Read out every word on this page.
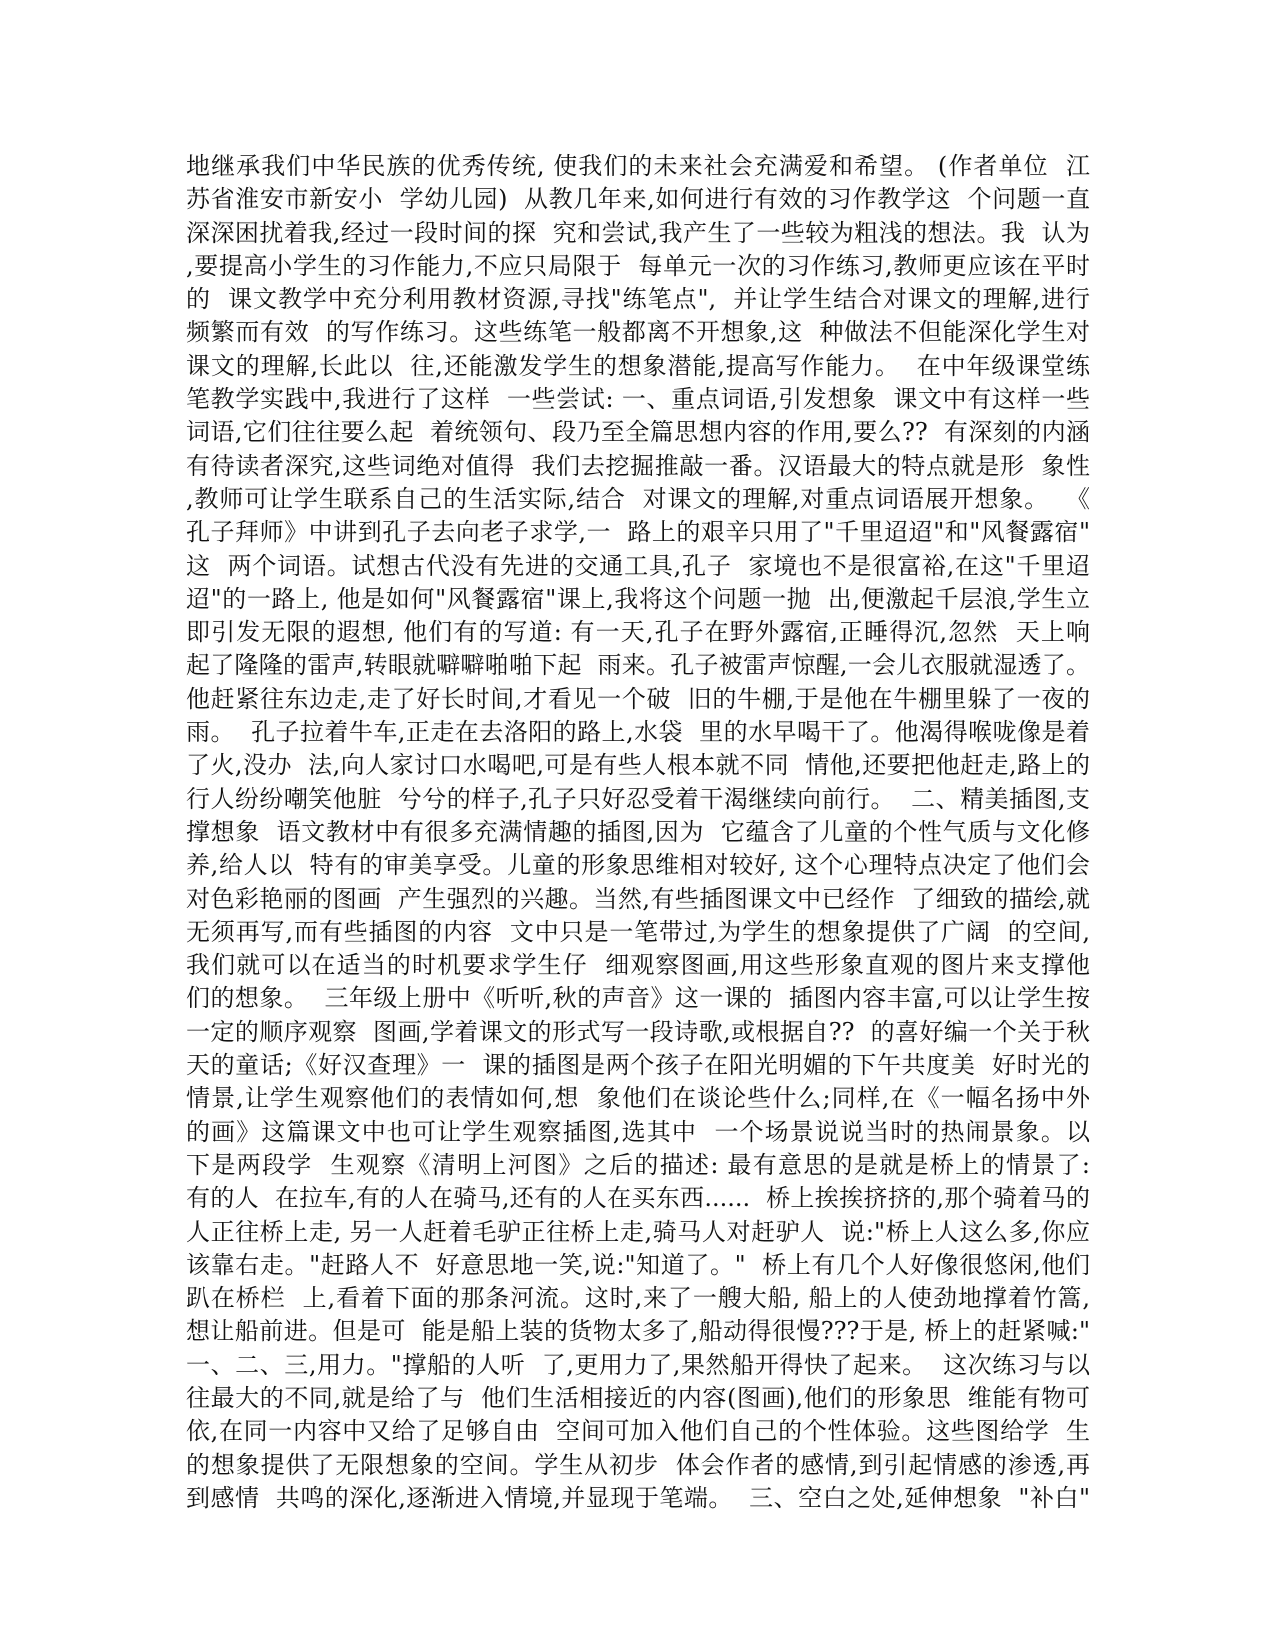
地继承我们中华民族的优秀传统, 使我们的未来社会充满爱和希望。 (作者单位  江
苏省淮安市新安小  学幼儿园)  从教几年来,如何进行有效的习作教学这  个问题一直
深深困扰着我,经过一段时间的探  究和尝试,我产生了一些较为粗浅的想法。我  认为
,要提高小学生的习作能力,不应只局限于  每单元一次的习作练习,教师更应该在平时
的  课文教学中充分利用教材资源,寻找"练笔点",  并让学生结合对课文的理解,进行
频繁而有效  的写作练习。这些练笔一般都离不开想象,这  种做法不但能深化学生对
课文的理解,长此以  往,还能激发学生的想象潜能,提高写作能力。  在中年级课堂练
笔教学实践中,我进行了这样  一些尝试: 一、重点词语,引发想象  课文中有这样一些
词语,它们往往要么起  着统领句、段乃至全篇思想内容的作用,要么??  有深刻的内涵
有待读者深究,这些词绝对值得  我们去挖掘推敲一番。汉语最大的特点就是形  象性
,教师可让学生联系自己的生活实际,结合  对课文的理解,对重点词语展开想象。  《
孔子拜师》中讲到孔子去向老子求学,一  路上的艰辛只用了"千里迢迢"和"风餐露宿"
这  两个词语。试想古代没有先进的交通工具,孔子  家境也不是很富裕,在这"千里迢
迢"的一路上, 他是如何"风餐露宿"课上,我将这个问题一抛  出,便激起千层浪,学生立
即引发无限的遐想, 他们有的写道: 有一天,孔子在野外露宿,正睡得沉,忽然  天上响
起了隆隆的雷声,转眼就噼噼啪啪下起  雨来。孔子被雷声惊醒,一会儿衣服就湿透了。
他赶紧往东边走,走了好长时间,才看见一个破  旧的牛棚,于是他在牛棚里躲了一夜的
雨。  孔子拉着牛车,正走在去洛阳的路上,水袋  里的水早喝干了。他渴得喉咙像是着
了火,没办  法,向人家讨口水喝吧,可是有些人根本就不同  情他,还要把他赶走,路上的
行人纷纷嘲笑他脏  兮兮的样子,孔子只好忍受着干渴继续向前行。  二、精美插图,支
撑想象  语文教材中有很多充满情趣的插图,因为  它蕴含了儿童的个性气质与文化修
养,给人以  特有的审美享受。儿童的形象思维相对较好, 这个心理特点决定了他们会
对色彩艳丽的图画  产生强烈的兴趣。当然,有些插图课文中已经作  了细致的描绘,就
无须再写,而有些插图的内容  文中只是一笔带过,为学生的想象提供了广阔  的空间,
我们就可以在适当的时机要求学生仔  细观察图画,用这些形象直观的图片来支撑他
们的想象。  三年级上册中《听听,秋的声音》这一课的  插图内容丰富,可以让学生按
一定的顺序观察  图画,学着课文的形式写一段诗歌,或根据自??  的喜好编一个关于秋
天的童话;《好汉查理》一  课的插图是两个孩子在阳光明媚的下午共度美  好时光的
情景,让学生观察他们的表情如何,想  象他们在谈论些什么;同样,在《一幅名扬中外
的画》这篇课文中也可让学生观察插图,选其中  一个场景说说当时的热闹景象。以
下是两段学  生观察《清明上河图》之后的描述: 最有意思的是就是桥上的情景了:
有的人  在拉车,有的人在骑马,还有的人在买东西......  桥上挨挨挤挤的,那个骑着马的
人正往桥上走, 另一人赶着毛驴正往桥上走,骑马人对赶驴人  说:"桥上人这么多,你应
该靠右走。"赶路人不  好意思地一笑,说:"知道了。"  桥上有几个人好像很悠闲,他们
趴在桥栏  上,看着下面的那条河流。这时,来了一艘大船, 船上的人使劲地撑着竹篙,
想让船前进。但是可  能是船上装的货物太多了,船动得很慢???于是, 桥上的赶紧喊:"
一、二、三,用力。"撑船的人听  了,更用力了,果然船开得快了起来。  这次练习与以
往最大的不同,就是给了与  他们生活相接近的内容(图画),他们的形象思  维能有物可
依,在同一内容中又给了足够自由  空间可加入他们自己的个性体验。这些图给学  生
的想象提供了无限想象的空间。学生从初步  体会作者的感情,到引起情感的渗透,再
到感情  共鸣的深化,逐渐进入情境,并显现于笔端。  三、空白之处,延伸想象  "补白"
